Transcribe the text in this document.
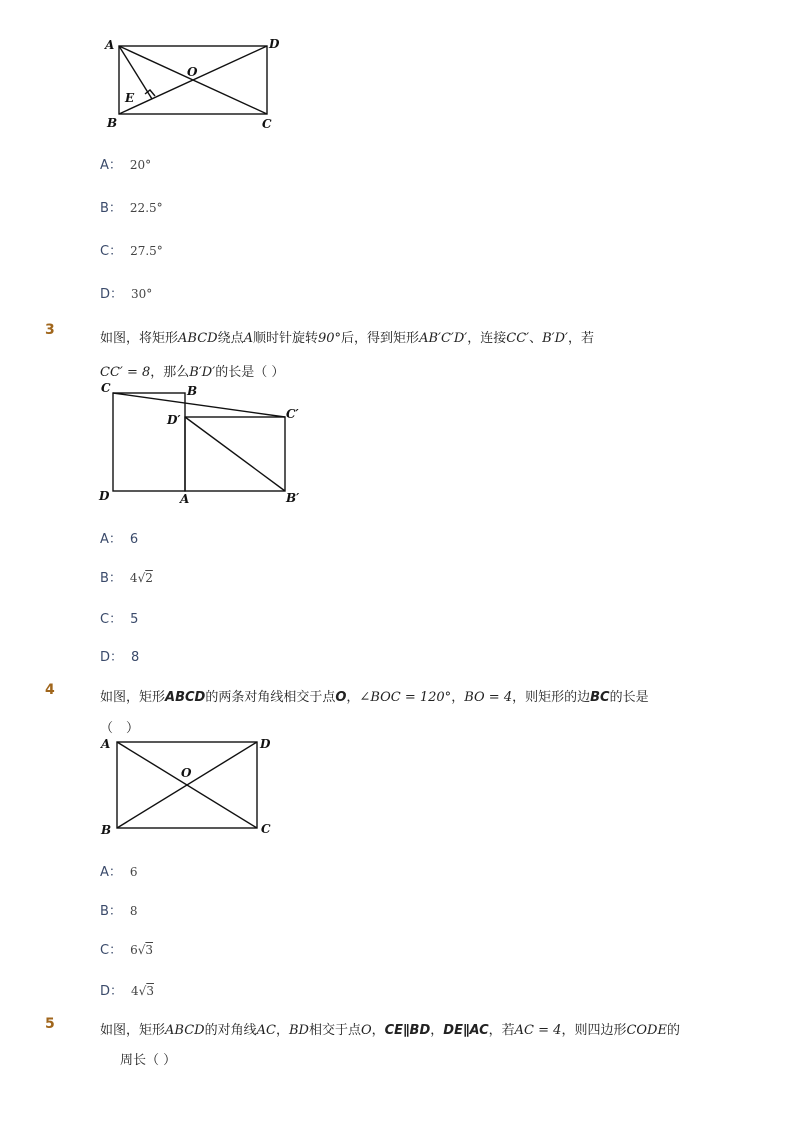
A	D
O
E
B	C
A： 20°
B： 22.5°
C： 27.5°
D： 30°
3
如图，将矩形ABCD绕点A顺时针旋转90°后，得到矩形AB′C′D′，连接CC′、B′D′，若
CC′ = 8，那么B′D′的长是（ ）
C	B
D′	C′
D	A	B′
A： 6
B： 4√2
C： 5
D： 8
4	如图，矩形ABCD的两条对角线相交于点O，∠BOC = 120°，BO = 4，则矩形的边BC的长是
（　）
A	D
O
B	C
A： 6
B： 8
C： 6√3
D： 4√3
5	如图，矩形ABCD的对角线AC，BD相交于点O，CE∥BD，DE∥AC，若AC = 4，则四边形CODE的
周长（ ）
